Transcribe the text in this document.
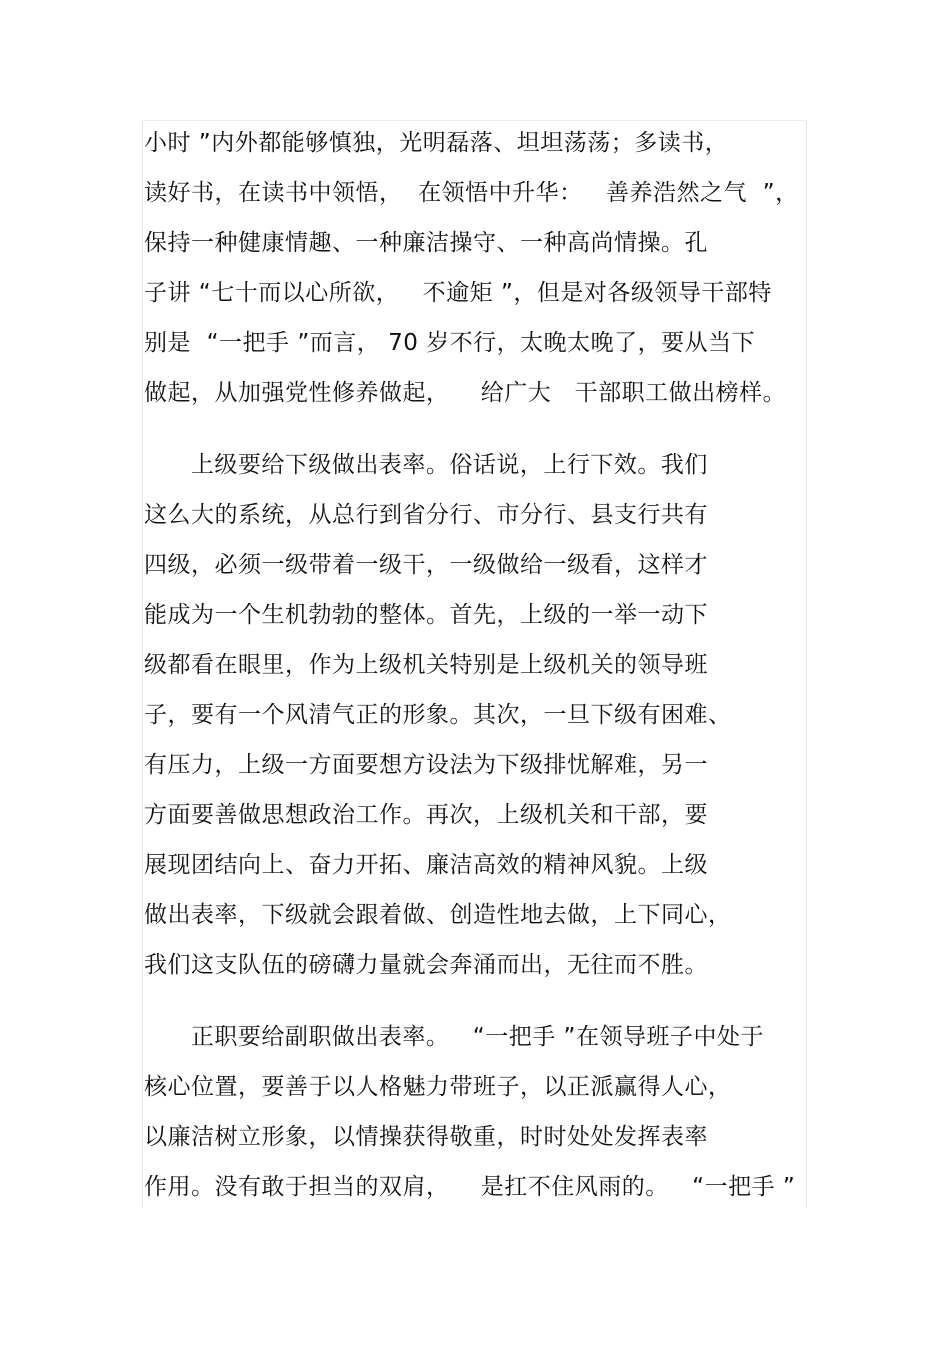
小时 ”内外都能够慎独，光明磊落、坦坦荡荡；多读书，
读好书，在读书中领悟，  在领悟中升华：   善养浩然之气  ”，
保持一种健康情趣、一种廉洁操守、一种高尚情操。孔
子讲 “七十而以心所欲，   不逾矩 ”，但是对各级领导干部特
别是  “一把手 ”而言， 70 岁不行，太晚太晚了，要从当下
做起，从加强党性修养做起，    给广大   干部职工做出榜样。
上级要给下级做出表率。俗话说，上行下效。我们
这么大的系统，从总行到省分行、市分行、县支行共有
四级，必须一级带着一级干，一级做给一级看，这样才
能成为一个生机勃勃的整体。首先，上级的一举一动下
级都看在眼里，作为上级机关特别是上级机关的领导班
子，要有一个风清气正的形象。其次，一旦下级有困难、
有压力，上级一方面要想方设法为下级排忧解难，另一
方面要善做思想政治工作。再次，上级机关和干部，要
展现团结向上、奋力开拓、廉洁高效的精神风貌。上级
做出表率，下级就会跟着做、创造性地去做，上下同心，
我们这支队伍的磅礴力量就会奔涌而出，无往而不胜。
正职要给副职做出表率。   “一把手 ”在领导班子中处于
核心位置，要善于以人格魅力带班子，以正派赢得人心，
以廉洁树立形象，以情操获得敬重，时时处处发挥表率
作用。没有敢于担当的双肩，    是扛不住风雨的。   “一把手 ”
